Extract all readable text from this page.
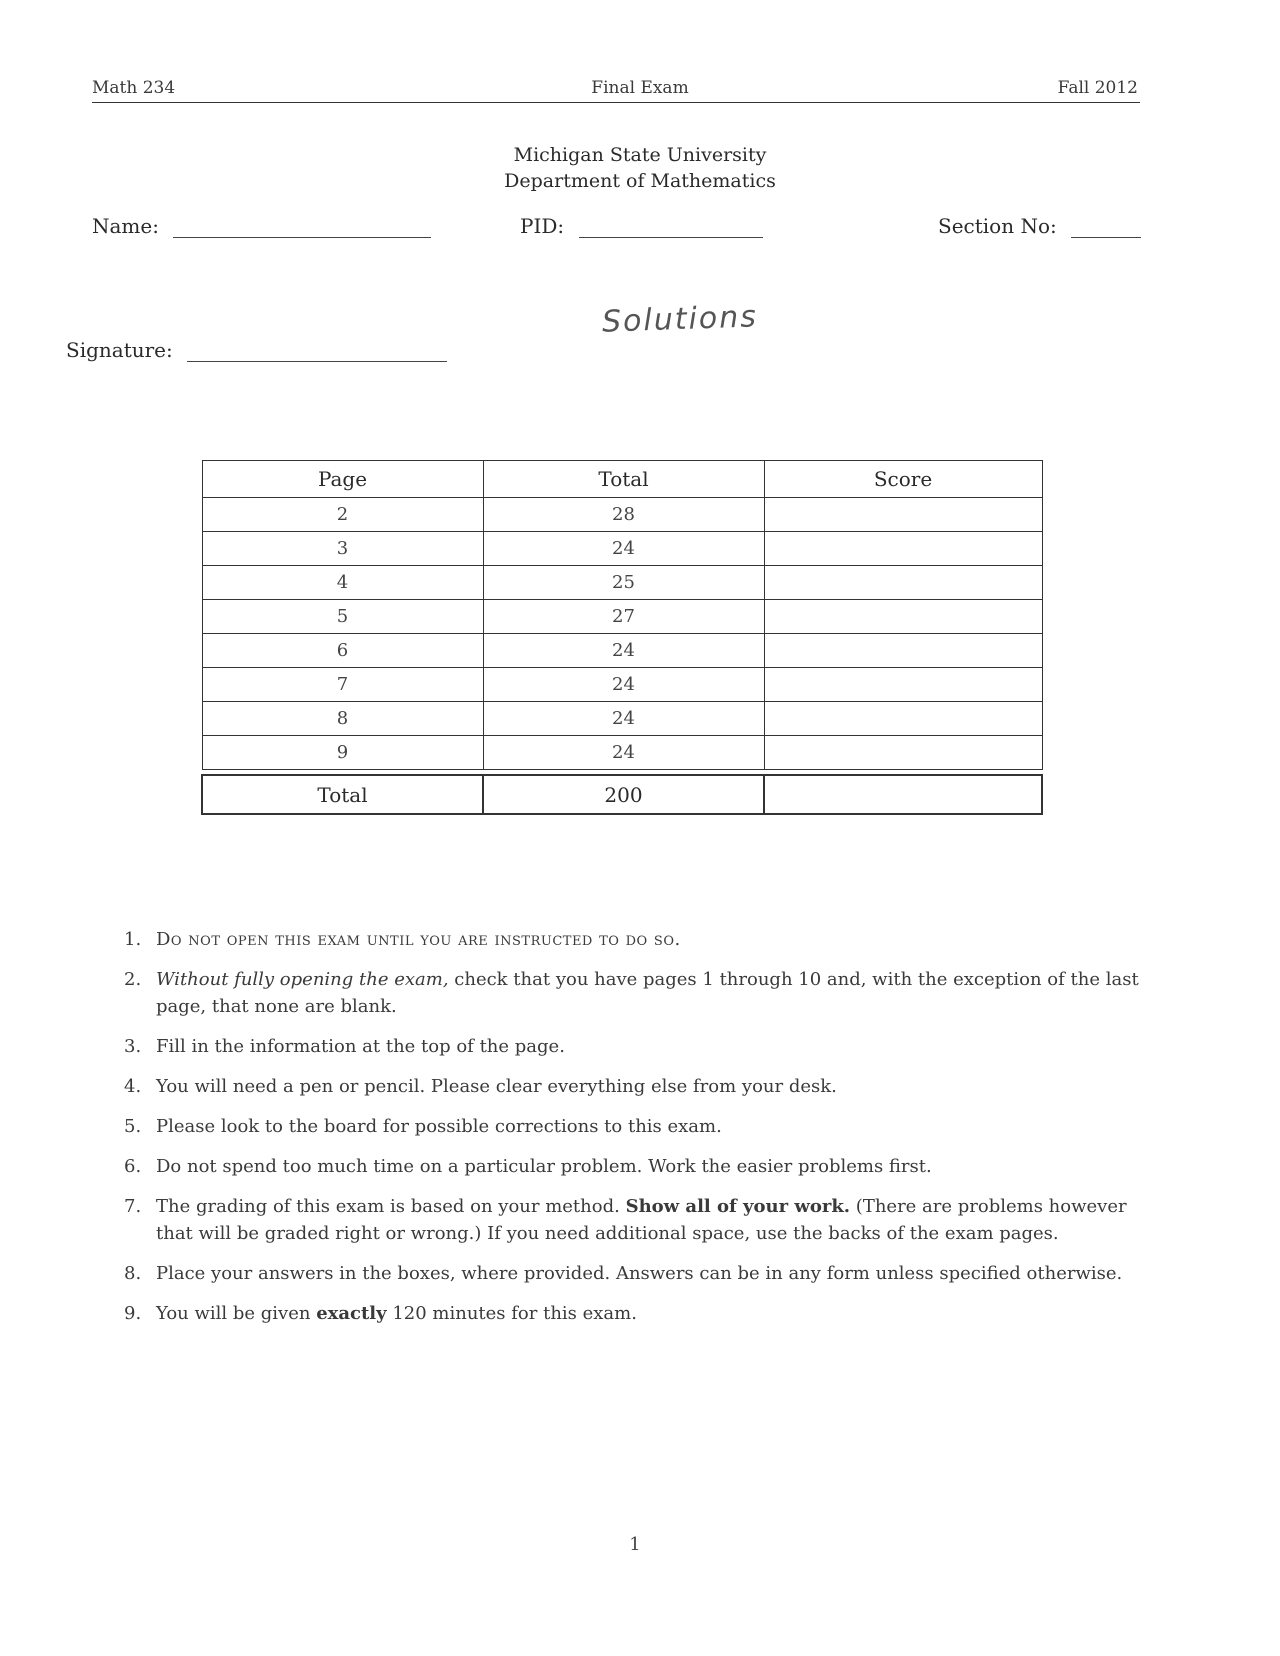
Math 234	Final Exam	Fall 2012
Michigan State University
Department of Mathematics
Name:	PID:	Section No:
Solutions
Signature:
Page	Total	Score
2	28	
3	24	
4	25	
5	27	
6	24	
7	24	
8	24	
9	24	

Total	200	
1. Do not open this exam until you are instructed to do so.
2. Without fully opening the exam, check that you have pages 1 through 10 and, with the exception of the last page, that none are blank.
3. Fill in the information at the top of the page.
4. You will need a pen or pencil. Please clear everything else from your desk.
5. Please look to the board for possible corrections to this exam.
6. Do not spend too much time on a particular problem. Work the easier problems first.
7. The grading of this exam is based on your method. Show all of your work. (There are problems however that will be graded right or wrong.) If you need additional space, use the backs of the exam pages.
8. Place your answers in the boxes, where provided. Answers can be in any form unless specified otherwise.
9. You will be given exactly 120 minutes for this exam.
1
